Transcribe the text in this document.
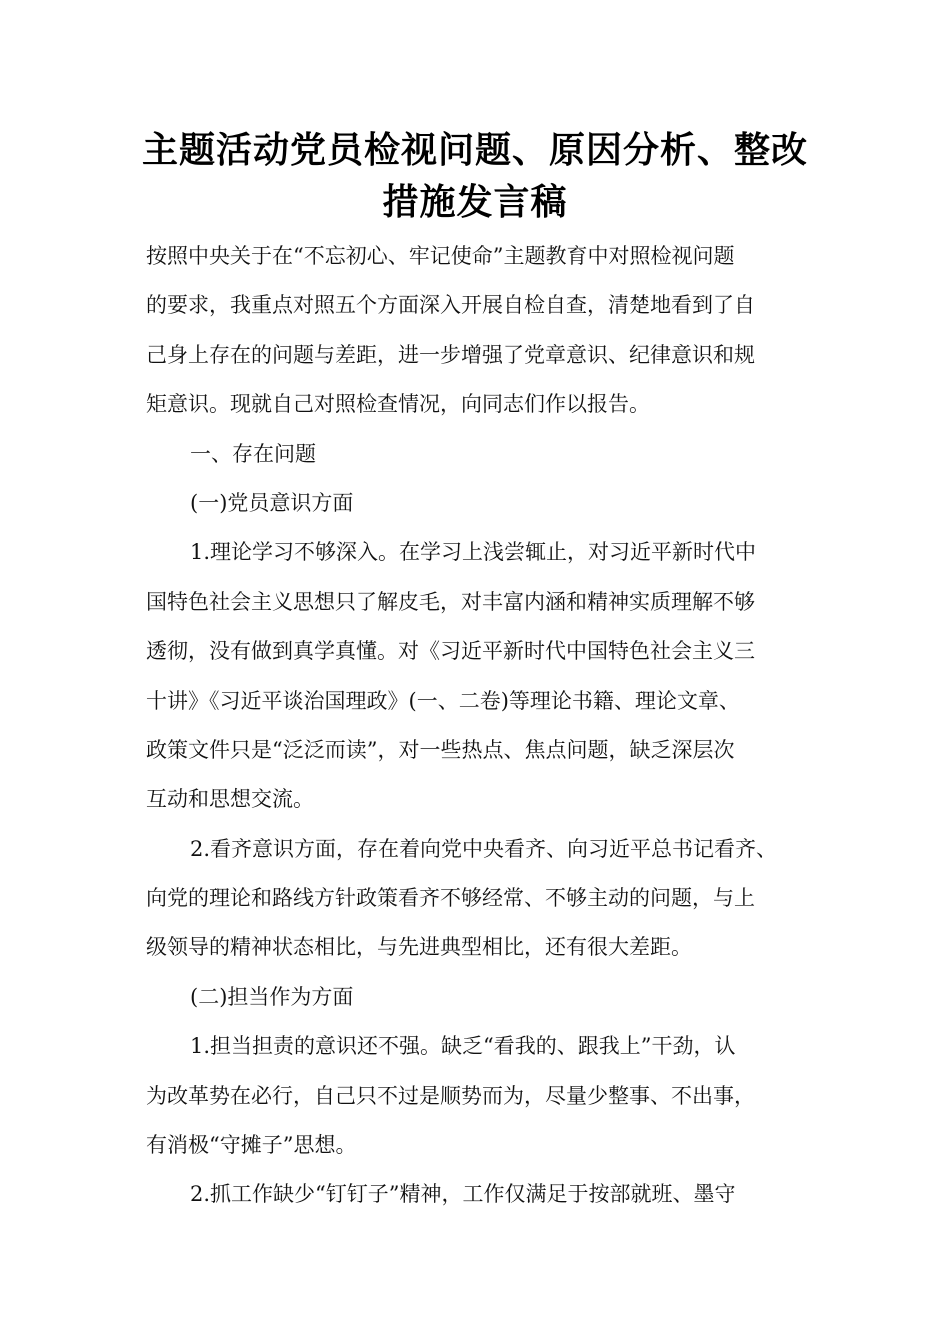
主题活动党员检视问题、原因分析、整改
措施发言稿
按照中央关于在“不忘初心、牢记使命”主题教育中对照检视问题
的要求，我重点对照五个方面深入开展自检自查，清楚地看到了自
己身上存在的问题与差距，进一步增强了党章意识、纪律意识和规
矩意识。现就自己对照检查情况，向同志们作以报告。
一、存在问题
(一)党员意识方面
1.理论学习不够深入。在学习上浅尝辄止，对习近平新时代中
国特色社会主义思想只了解皮毛，对丰富内涵和精神实质理解不够
透彻，没有做到真学真懂。对《习近平新时代中国特色社会主义三
十讲》《习近平谈治国理政》(一、二卷)等理论书籍、理论文章、
政策文件只是“泛泛而读”，对一些热点、焦点问题，缺乏深层次
互动和思想交流。
2.看齐意识方面，存在着向党中央看齐、向习近平总书记看齐、
向党的理论和路线方针政策看齐不够经常、不够主动的问题，与上
级领导的精神状态相比，与先进典型相比，还有很大差距。
(二)担当作为方面
1.担当担责的意识还不强。缺乏“看我的、跟我上”干劲，认
为改革势在必行，自己只不过是顺势而为，尽量少整事、不出事，
有消极“守摊子”思想。
2.抓工作缺少“钉钉子”精神，工作仅满足于按部就班、墨守
